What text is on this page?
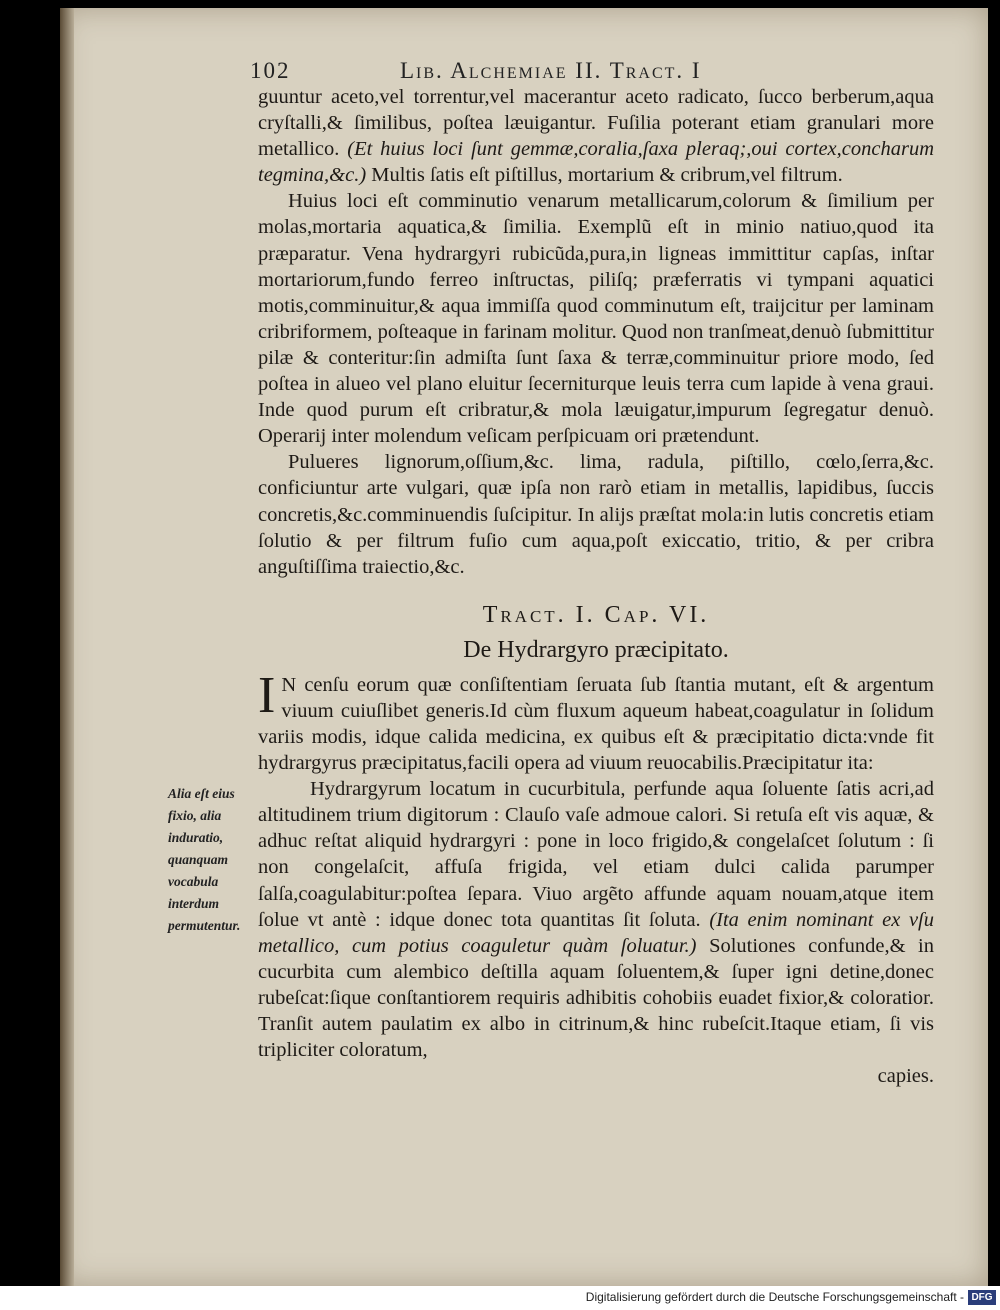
102	Lib. Alchemiae II. Tract. I
Alia eſt eius fixio, alia induratio, quanquam vocabula interdum permutentur.

guuntur aceto,vel torrentur,vel macerantur aceto radicato, ſucco berberum,aqua cryſtalli,& ſimilibus, poſtea læuigantur. Fuſilia poterant etiam granulari more metallico. (Et huius loci ſunt gemmæ,coralia,ſaxa pleraq;,oui cortex,concharum tegmina,&c.) Multis ſatis eſt piſtillus, mortarium & cribrum,vel filtrum.

Huius loci eſt comminutio venarum metallicarum,colorum & ſimilium per molas,mortaria aquatica,& ſimilia. Exemplũ eſt in minio natiuo,quod ita præparatur. Vena hydrargyri rubicũda,pura,in ligneas immittitur capſas, inſtar mortariorum,fundo ferreo inſtructas, piliſq; præferratis vi tympani aquatici motis,comminuitur,& aqua immiſſa quod comminutum eſt, traijcitur per laminam cribriformem, poſteaque in farinam molitur. Quod non tranſmeat,denuò ſubmittitur pilæ & conteritur:ſin admiſta ſunt ſaxa & terræ,comminuitur priore modo, ſed poſtea in alueo vel plano eluitur ſecerniturque leuis terra cum lapide à vena graui. Inde quod purum eſt cribratur,& mola læuigatur,impurum ſegregatur denuò. Operarij inter molendum veſicam perſpicuam ori prætendunt.

Pulueres lignorum,oſſium,&c. lima, radula, piſtillo, cœlo,ſerra,&c. conficiuntur arte vulgari, quæ ipſa non rarò etiam in metallis, lapidibus, ſuccis concretis,&c.comminuendis ſuſcipitur. In alijs præſtat mola:in lutis concretis etiam ſolutio & per filtrum fuſio cum aqua,poſt exiccatio, tritio, & per cribra anguſtiſſima traiectio,&c.

Tract. I. Cap. VI.
De Hydrargyro præcipitato.

I N cenſu eorum quæ conſiſtentiam ſeruata ſub ſtantia mutant, eſt & argentum viuum cuiuſlibet generis.Id cùm fluxum aqueum habeat,coagulatur in ſolidum variis modis, idque calida medicina, ex quibus eſt & præcipitatio dicta:vnde fit hydrargyrus præcipitatus,facili opera ad viuum reuocabilis.Præcipitatur ita:

Hydrargyrum locatum in cucurbitula, perfunde aqua ſoluente ſatis acri,ad altitudinem trium digitorum : Clauſo vaſe admoue calori. Si retuſa eſt vis aquæ, & adhuc reſtat aliquid hydrargyri : pone in loco frigido,& congelaſcet ſolutum : ſi non congelaſcit, affuſa frigida, vel etiam dulci calida parumper ſalſa,coagulabitur:poſtea ſepara. Viuo argẽto affunde aquam nouam,atque item ſolue vt antè : idque donec tota quantitas ſit ſoluta. (Ita enim nominant ex vſu metallico, cum potius coaguletur quàm ſoluatur.) Solutiones confunde,& in cucurbita cum alembico deſtilla aquam ſoluentem,& ſuper igni detine,donec rubeſcat:ſique conſtantiorem requiris adhibitis cohobiis euadet fixior,& coloratior. Tranſit autem paulatim ex albo in citrinum,& hinc rubeſcit.Itaque etiam, ſi vis tripliciter coloratum,

capies.

Digitalisierung gefördert durch die Deutsche Forschungsgemeinschaft - DFG
